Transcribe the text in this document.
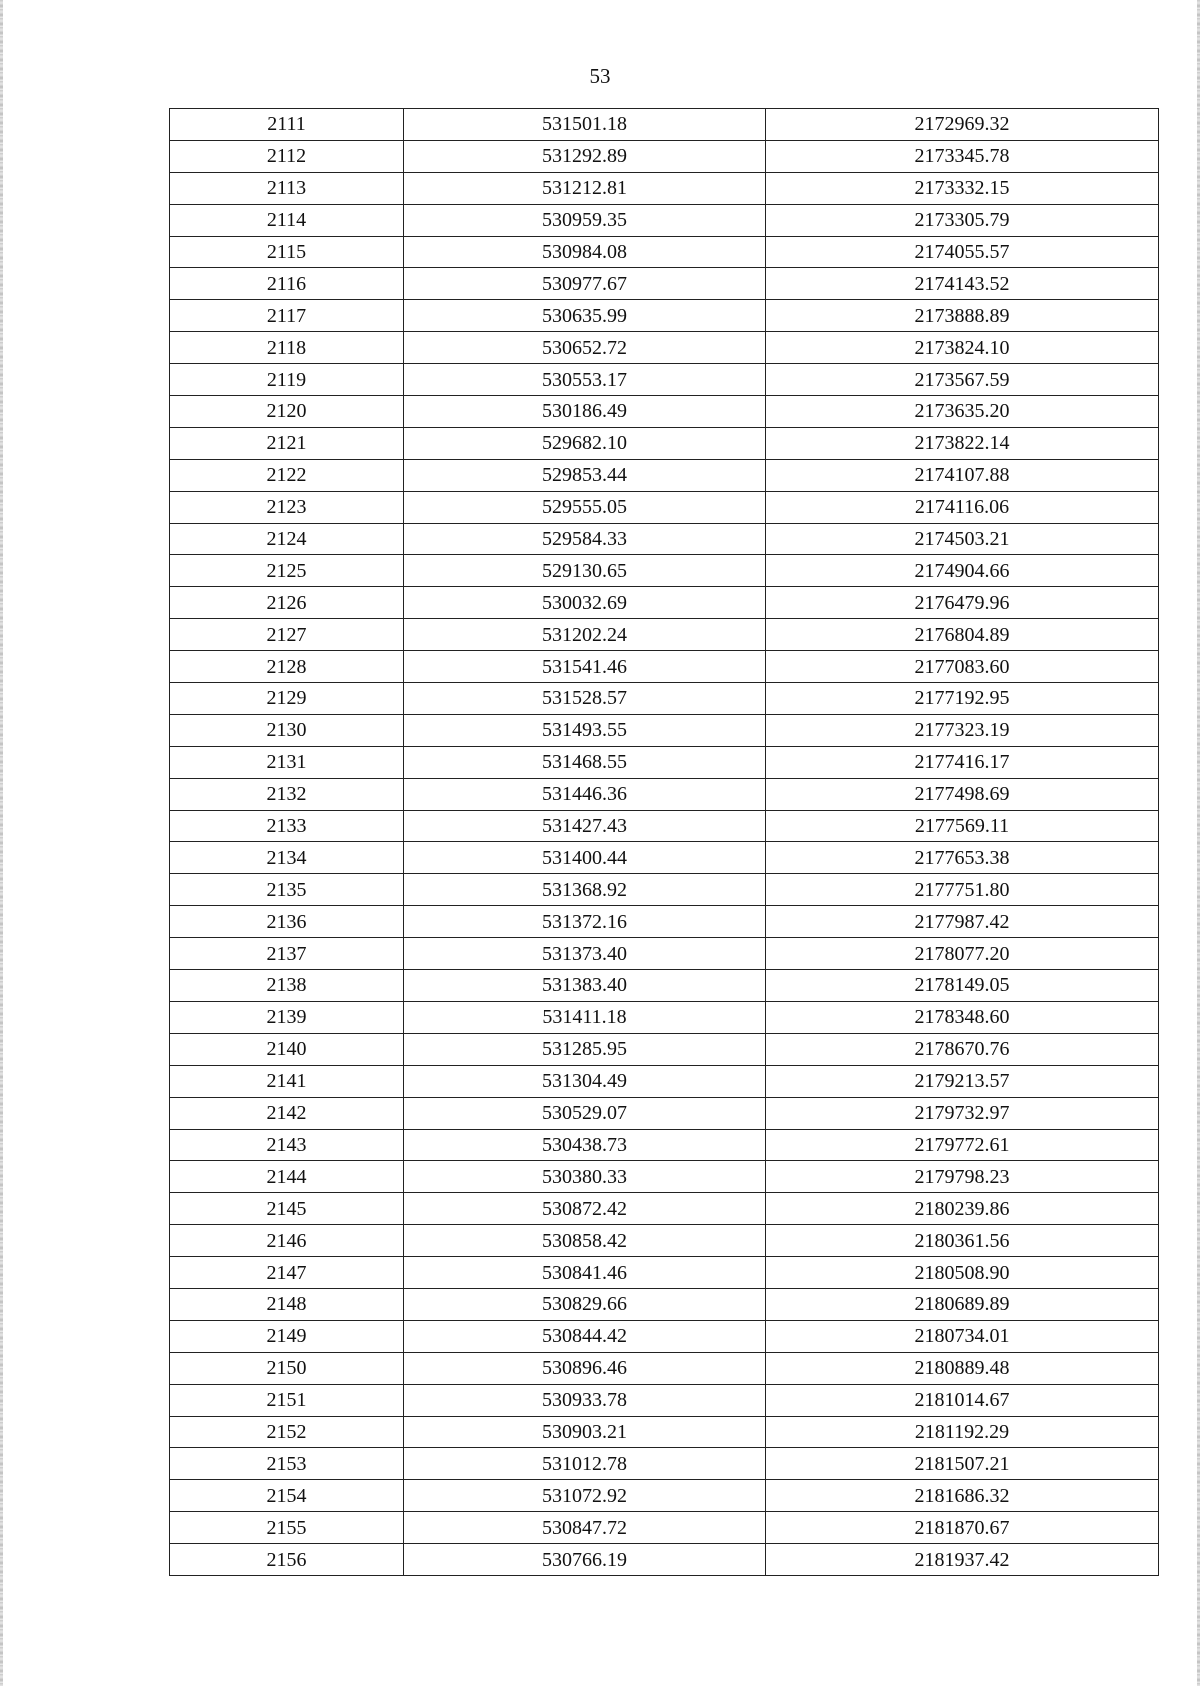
53
2111	531501.18	2172969.32
2112	531292.89	2173345.78
2113	531212.81	2173332.15
2114	530959.35	2173305.79
2115	530984.08	2174055.57
2116	530977.67	2174143.52
2117	530635.99	2173888.89
2118	530652.72	2173824.10
2119	530553.17	2173567.59
2120	530186.49	2173635.20
2121	529682.10	2173822.14
2122	529853.44	2174107.88
2123	529555.05	2174116.06
2124	529584.33	2174503.21
2125	529130.65	2174904.66
2126	530032.69	2176479.96
2127	531202.24	2176804.89
2128	531541.46	2177083.60
2129	531528.57	2177192.95
2130	531493.55	2177323.19
2131	531468.55	2177416.17
2132	531446.36	2177498.69
2133	531427.43	2177569.11
2134	531400.44	2177653.38
2135	531368.92	2177751.80
2136	531372.16	2177987.42
2137	531373.40	2178077.20
2138	531383.40	2178149.05
2139	531411.18	2178348.60
2140	531285.95	2178670.76
2141	531304.49	2179213.57
2142	530529.07	2179732.97
2143	530438.73	2179772.61
2144	530380.33	2179798.23
2145	530872.42	2180239.86
2146	530858.42	2180361.56
2147	530841.46	2180508.90
2148	530829.66	2180689.89
2149	530844.42	2180734.01
2150	530896.46	2180889.48
2151	530933.78	2181014.67
2152	530903.21	2181192.29
2153	531012.78	2181507.21
2154	531072.92	2181686.32
2155	530847.72	2181870.67
2156	530766.19	2181937.42
